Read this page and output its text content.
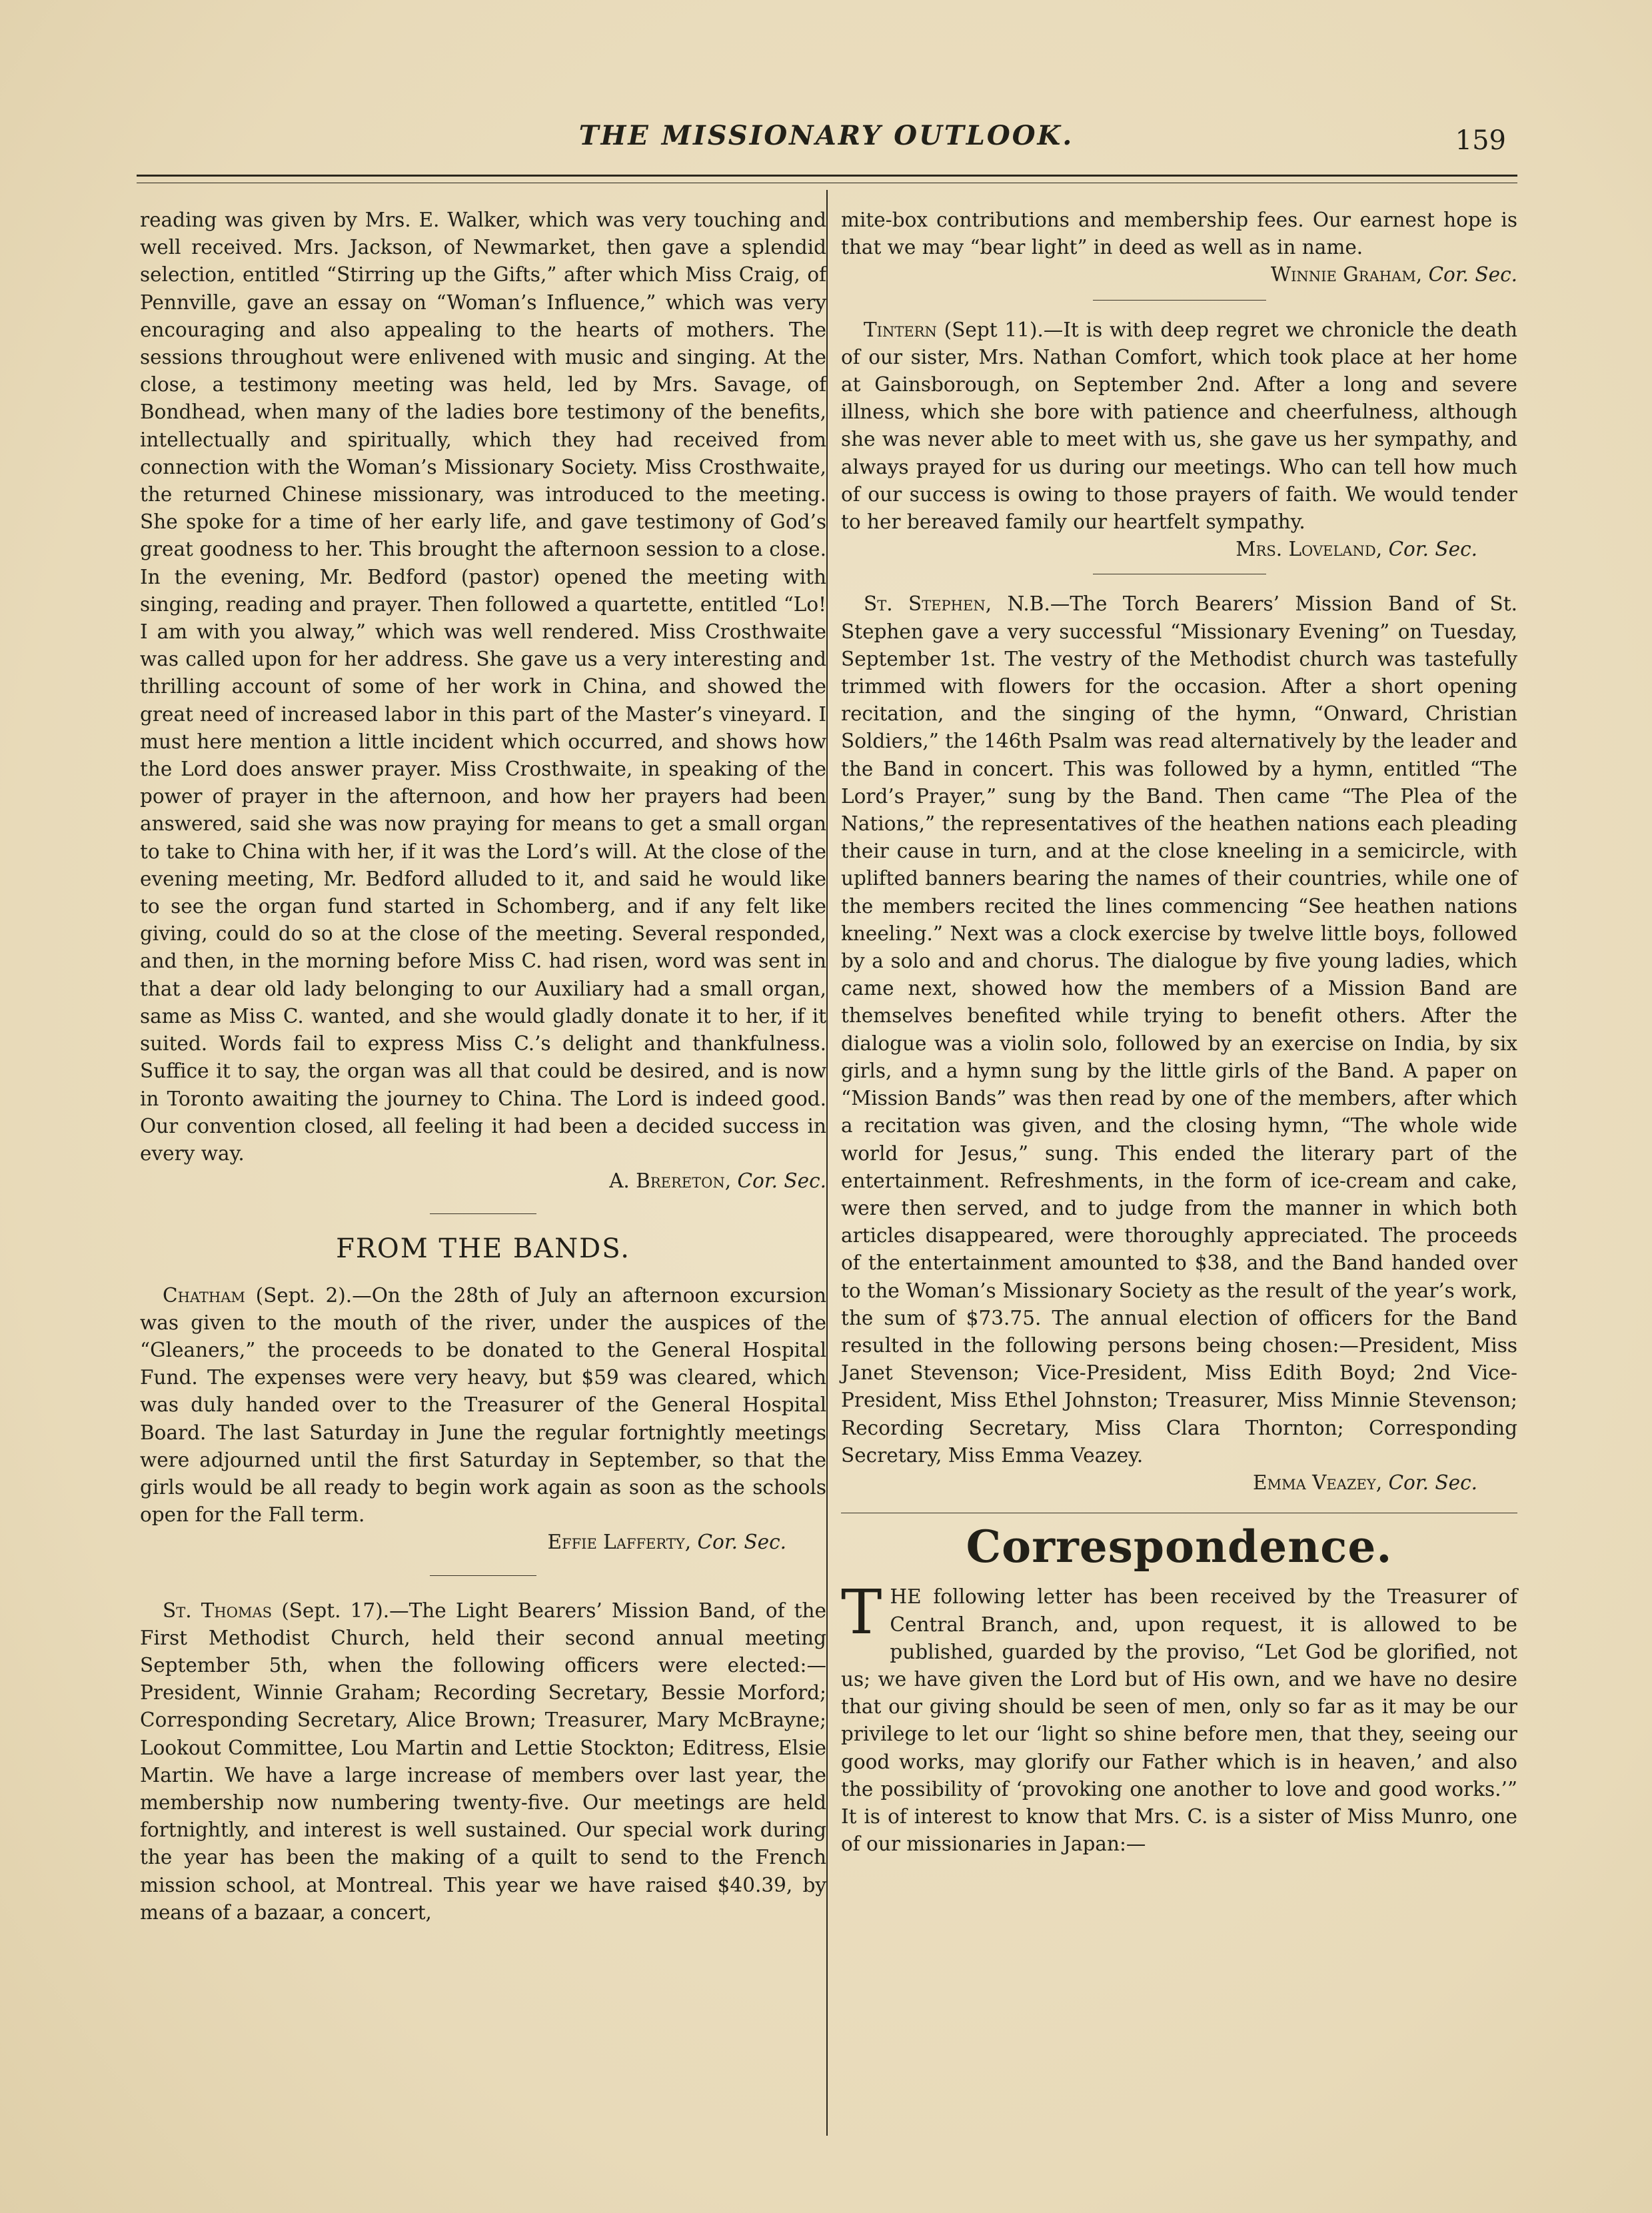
THE MISSIONARY OUTLOOK.	159

reading was given by Mrs. E. Walker, which was very touching and well received. Mrs. Jackson, of Newmarket, then gave a splendid selection, entitled “Stirring up the Gifts,” after which Miss Craig, of Pennville, gave an essay on “Woman’s Influence,” which was very encouraging and also appealing to the hearts of mothers. The sessions throughout were enlivened with music and singing. At the close, a testimony meeting was held, led by Mrs. Savage, of Bondhead, when many of the ladies bore testimony of the benefits, intellectually and spiritually, which they had received from connection with the Woman’s Missionary Society. Miss Crosthwaite, the returned Chinese missionary, was introduced to the meeting. She spoke for a time of her early life, and gave testimony of God’s great goodness to her. This brought the afternoon session to a close. In the evening, Mr. Bedford (pastor) opened the meeting with singing, reading and prayer. Then followed a quartette, entitled “Lo! I am with you alway,” which was well rendered. Miss Crosthwaite was called upon for her address. She gave us a very interesting and thrilling account of some of her work in China, and showed the great need of increased labor in this part of the Master’s vineyard. I must here mention a little incident which occurred, and shows how the Lord does answer prayer. Miss Crosthwaite, in speaking of the power of prayer in the afternoon, and how her prayers had been answered, said she was now praying for means to get a small organ to take to China with her, if it was the Lord’s will. At the close of the evening meeting, Mr. Bedford alluded to it, and said he would like to see the organ fund started in Schomberg, and if any felt like giving, could do so at the close of the meeting. Several responded, and then, in the morning before Miss C. had risen, word was sent in that a dear old lady belonging to our Auxiliary had a small organ, same as Miss C. wanted, and she would gladly donate it to her, if it suited. Words fail to express Miss C.’s delight and thankfulness. Suffice it to say, the organ was all that could be desired, and is now in Toronto awaiting the journey to China. The Lord is indeed good. Our convention closed, all feeling it had been a decided success in every way.

A. Brereton, Cor. Sec.

FROM THE BANDS.

Chatham (Sept. 2).—On the 28th of July an afternoon excursion was given to the mouth of the river, under the auspices of the “Gleaners,” the proceeds to be donated to the General Hospital Fund. The expenses were very heavy, but $59 was cleared, which was duly handed over to the Treasurer of the General Hospital Board. The last Saturday in June the regular fortnightly meetings were adjourned until the first Saturday in September, so that the girls would be all ready to begin work again as soon as the schools open for the Fall term.

Effie Lafferty, Cor. Sec.

St. Thomas (Sept. 17).—The Light Bearers’ Mission Band, of the First Methodist Church, held their second annual meeting September 5th, when the following officers were elected:—President, Winnie Graham; Recording Secretary, Bessie Morford; Corresponding Secretary, Alice Brown; Treasurer, Mary McBrayne; Lookout Committee, Lou Martin and Lettie Stockton; Editress, Elsie Martin. We have a large increase of members over last year, the membership now numbering twenty-five. Our meetings are held fortnightly, and interest is well sustained. Our special work during the year has been the making of a quilt to send to the French mission school, at Montreal. This year we have raised $40.39, by means of a bazaar, a concert,

mite-box contributions and membership fees. Our earnest hope is that we may “bear light” in deed as well as in name.

Winnie Graham, Cor. Sec.

Tintern (Sept 11).—It is with deep regret we chronicle the death of our sister, Mrs. Nathan Comfort, which took place at her home at Gainsborough, on September 2nd. After a long and severe illness, which she bore with patience and cheerfulness, although she was never able to meet with us, she gave us her sympathy, and always prayed for us during our meetings. Who can tell how much of our success is owing to those prayers of faith. We would tender to her bereaved family our heartfelt sympathy.

Mrs. Loveland, Cor. Sec.

St. Stephen, N.B.—The Torch Bearers’ Mission Band of St. Stephen gave a very successful “Missionary Evening” on Tuesday, September 1st. The vestry of the Methodist church was tastefully trimmed with flowers for the occasion. After a short opening recitation, and the singing of the hymn, “Onward, Christian Soldiers,” the 146th Psalm was read alternatively by the leader and the Band in concert. This was followed by a hymn, entitled “The Lord’s Prayer,” sung by the Band. Then came “The Plea of the Nations,” the representatives of the heathen nations each pleading their cause in turn, and at the close kneeling in a semicircle, with uplifted banners bearing the names of their countries, while one of the members recited the lines commencing “See heathen nations kneeling.” Next was a clock exercise by twelve little boys, followed by a solo and and chorus. The dialogue by five young ladies, which came next, showed how the members of a Mission Band are themselves benefited while trying to benefit others. After the dialogue was a violin solo, followed by an exercise on India, by six girls, and a hymn sung by the little girls of the Band. A paper on “Mission Bands” was then read by one of the members, after which a recitation was given, and the closing hymn, “The whole wide world for Jesus,” sung. This ended the literary part of the entertainment. Refreshments, in the form of ice-cream and cake, were then served, and to judge from the manner in which both articles disappeared, were thoroughly appreciated. The proceeds of the entertainment amounted to $38, and the Band handed over to the Woman’s Missionary Society as the result of the year’s work, the sum of $73.75. The annual election of officers for the Band resulted in the following persons being chosen:—President, Miss Janet Stevenson; Vice-President, Miss Edith Boyd; 2nd Vice-President, Miss Ethel Johnston; Treasurer, Miss Minnie Stevenson; Recording Secretary, Miss Clara Thornton; Corresponding Secretary, Miss Emma Veazey.

Emma Veazey, Cor. Sec.

Correspondence.

THE following letter has been received by the Treasurer of Central Branch, and, upon request, it is allowed to be published, guarded by the proviso, “Let God be glorified, not us; we have given the Lord but of His own, and we have no desire that our giving should be seen of men, only so far as it may be our privilege to let our ‘light so shine before men, that they, seeing our good works, may glorify our Father which is in heaven,’ and also the possibility of ‘provoking one another to love and good works.’” It is of interest to know that Mrs. C. is a sister of Miss Munro, one of our missionaries in Japan:—
